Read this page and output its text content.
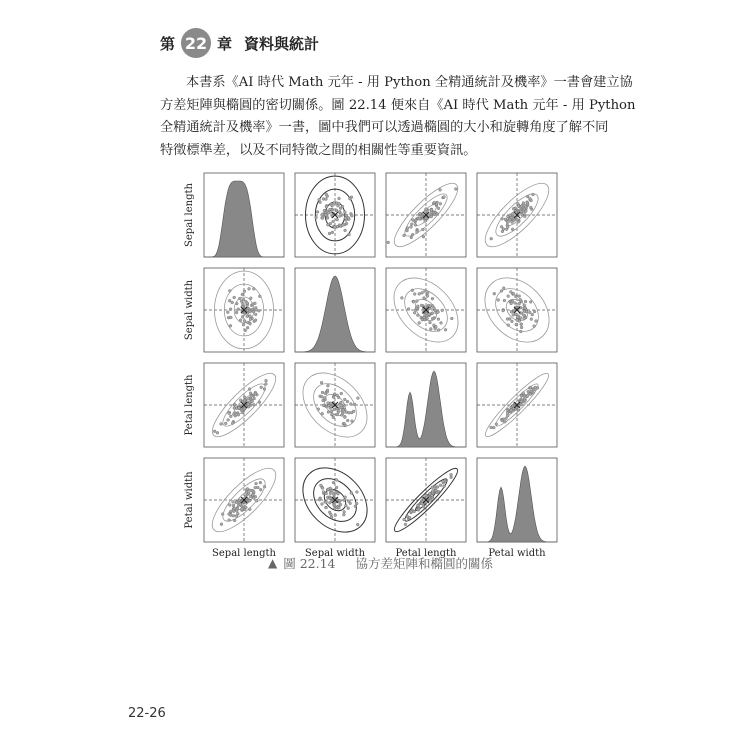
第 22 章 資料與統計
本書系《AI 時代 Math 元年 - 用 Python 全精通統計及機率》一書會建立協
方差矩陣與橢圓的密切關係。圖 22.14 便來自《AI 時代 Math 元年 - 用 Python
全精通統計及機率》一書，圖中我們可以透過橢圓的大小和旋轉角度了解不同
特徵標準差，以及不同特徵之間的相關性等重要資訊。
Sepal length	Sepal width	Petal length	Petal width
Sepal length
Sepal width
Petal length
Petal width
▲ 圖 22.14 協方差矩陣和橢圓的關係
22-26
